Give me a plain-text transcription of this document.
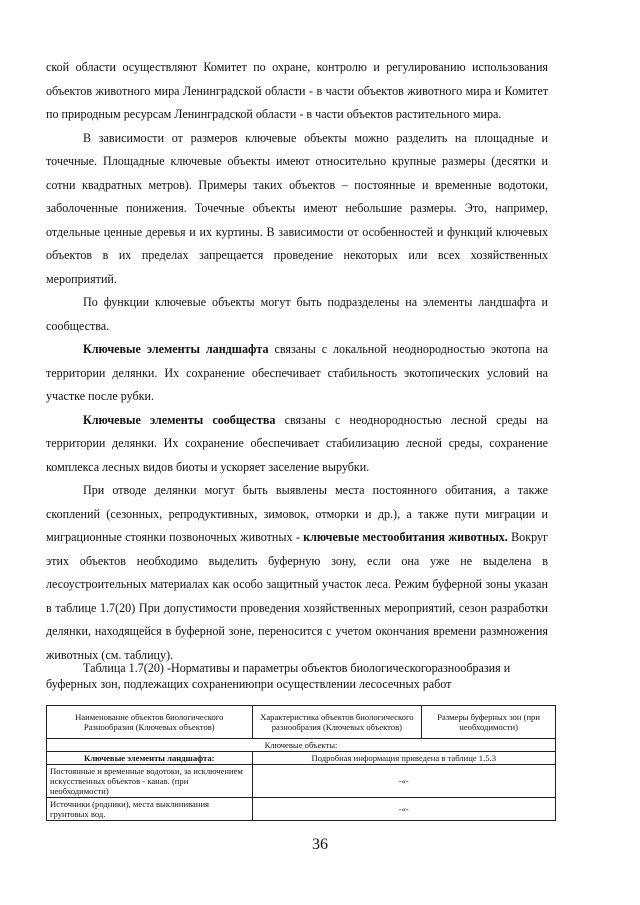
ской области осуществляют Комитет по охране, контролю и регулированию использования объектов животного мира Ленинградской области - в части объектов животного мира и Комитет по природным ресурсам Ленинградской области - в части объектов растительного мира.

В зависимости от размеров ключевые объекты можно разделить на площадные и точечные. Площадные ключевые объекты имеют относительно крупные размеры (десятки и сотни квадратных метров). Примеры таких объектов – постоянные и временные водотоки, заболоченные понижения. Точечные объекты имеют небольшие размеры. Это, например, отдельные ценные деревья и их куртины. В зависимости от особенностей и функций ключевых объектов в их пределах запрещается проведение некоторых или всех хозяйственных мероприятий.

По функции ключевые объекты могут быть подразделены на элементы ландшафта и сообщества.

Ключевые элементы ландшафта связаны с локальной неоднородностью экотопа на территории делянки. Их сохранение обеспечивает стабильность экотопических условий на участке после рубки.

Ключевые элементы сообщества связаны с неоднородностью лесной среды на территории делянки. Их сохранение обеспечивает стабилизацию лесной среды, сохранение комплекса лесных видов биоты и ускоряет заселение вырубки.

При отводе делянки могут быть выявлены места постоянного обитания, а также скоплений (сезонных, репродуктивных, зимовок, отморки и др.), а также пути миграции и миграционные стоянки позвоночных животных - ключевые местообитания животных. Вокруг этих объектов необходимо выделить буферную зону, если она уже не выделена в лесоустроительных материалах как особо защитный участок леса. Режим буферной зоны указан в таблице 1.7(20) При допустимости проведения хозяйственных мероприятий, сезон разработки делянки, находящейся в буферной зоне, переносится с учетом окончания времени размножения животных (см. таблицу).

Таблица 1.7(20) -Нормативы и параметры объектов биологическогоразнообразия и
буферных зон, подлежащих сохранениюпри осуществлении лесосечных работ
Наименование объектов биологического Разнообразия (Ключевых объектов)	Характеристика объектов биологического разнообразия (Ключевых объектов)	Размеры буферных зон (при необходимости)
Ключевые объекты:		
Ключевые элементы ландшафта:	Подробная информация приведена в таблице 1.5.3	
Постоянные и временные водотоки, за исключением искусственных объектов - канав. (при необходимости)	-«-	
Источники (родники), места выклинивания грунтовых вод.	-«-	
36
